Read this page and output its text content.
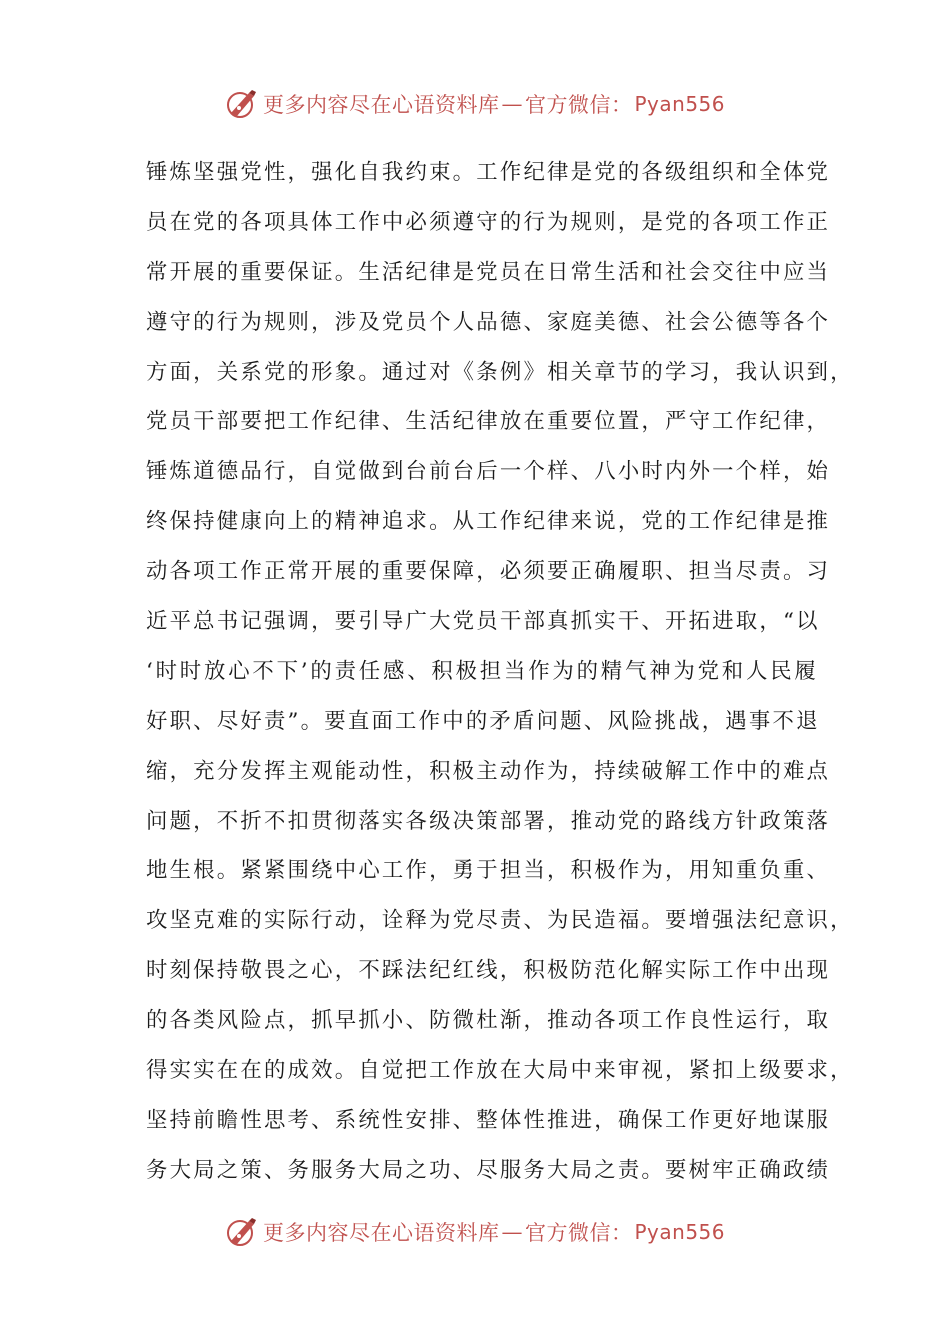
更多内容尽在心语资料库 — 官方微信： Pyan556
锤炼坚强党性，强化自我约束。工作纪律是党的各级组织和全体党
员在党的各项具体工作中必须遵守的行为规则，是党的各项工作正
常开展的重要保证。生活纪律是党员在日常生活和社会交往中应当
遵守的行为规则，涉及党员个人品德、家庭美德、社会公德等各个
方面，关系党的形象。通过对《条例》相关章节的学习，我认识到，
党员干部要把工作纪律、生活纪律放在重要位置，严守工作纪律，
锤炼道德品行，自觉做到台前台后一个样、八小时内外一个样，始
终保持健康向上的精神追求。从工作纪律来说，党的工作纪律是推
动各项工作正常开展的重要保障，必须要正确履职、担当尽责。习
近平总书记强调，要引导广大党员干部真抓实干、开拓进取，“以
‘时时放心不下’的责任感、积极担当作为的精气神为党和人民履
好职、尽好责”。要直面工作中的矛盾问题、风险挑战，遇事不退
缩，充分发挥主观能动性，积极主动作为，持续破解工作中的难点
问题，不折不扣贯彻落实各级决策部署，推动党的路线方针政策落
地生根。紧紧围绕中心工作，勇于担当，积极作为，用知重负重、
攻坚克难的实际行动，诠释为党尽责、为民造福。要增强法纪意识，
时刻保持敬畏之心，不踩法纪红线，积极防范化解实际工作中出现
的各类风险点，抓早抓小、防微杜渐，推动各项工作良性运行，取
得实实在在的成效。自觉把工作放在大局中来审视，紧扣上级要求，
坚持前瞻性思考、系统性安排、整体性推进，确保工作更好地谋服
务大局之策、务服务大局之功、尽服务大局之责。要树牢正确政绩
更多内容尽在心语资料库 — 官方微信： Pyan556
